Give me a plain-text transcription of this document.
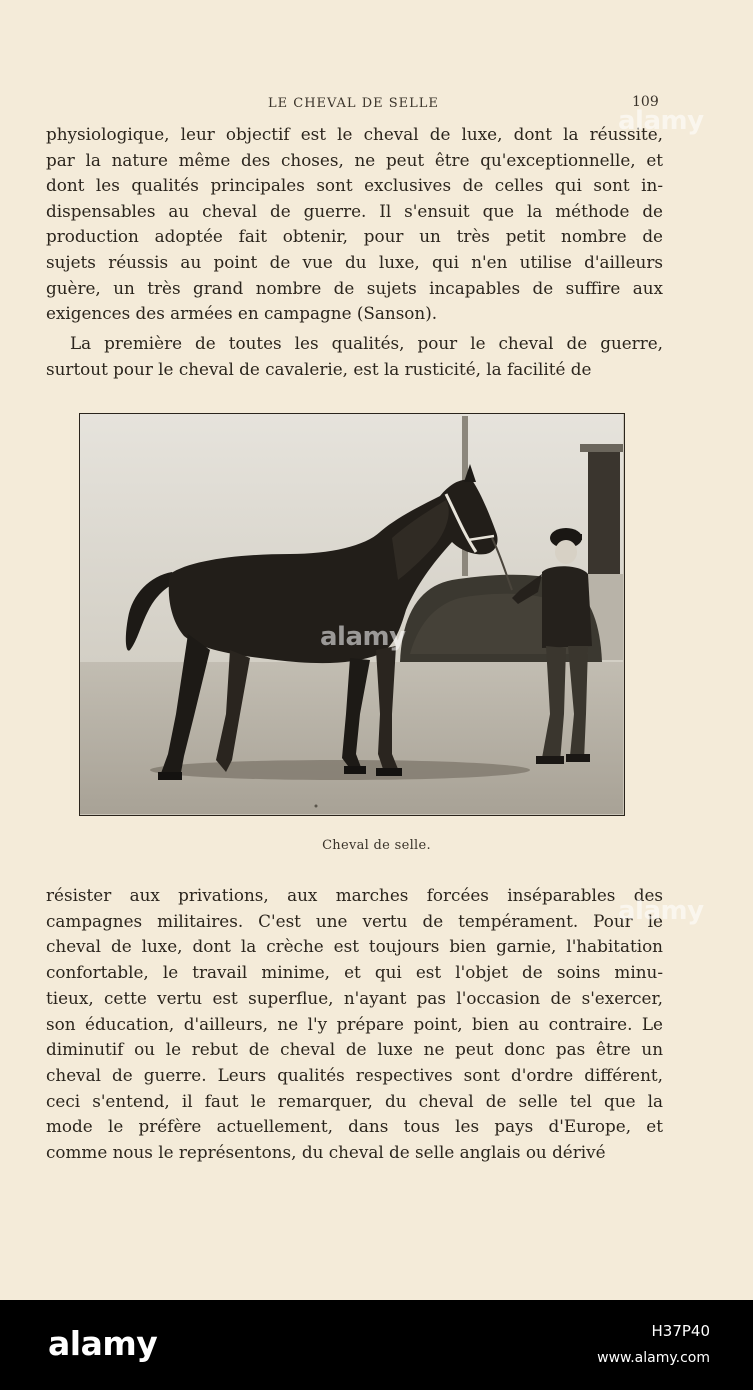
LE CHEVAL DE SELLE	109
physiologique, leur objectif est le cheval de luxe, dont la réussite,
par la nature même des choses, ne peut être qu'exceptionnelle, et
dont les qualités principales sont exclusives de celles qui sont in-
dispensables au cheval de guerre. Il s'ensuit que la méthode de
production adoptée fait obtenir, pour un très petit nombre de
sujets réussis au point de vue du luxe, qui n'en utilise d'ailleurs
guère, un très grand nombre de sujets incapables de suffire aux
exigences des armées en campagne (Sanson).
La première de toutes les qualités, pour le cheval de guerre,
surtout pour le cheval de cavalerie, est la rusticité, la facilité de
Cheval de selle.
résister aux privations, aux marches forcées inséparables des
campagnes militaires. C'est une vertu de tempérament. Pour le
cheval de luxe, dont la crèche est toujours bien garnie, l'habitation
confortable, le travail minime, et qui est l'objet de soins minu-
tieux, cette vertu est superflue, n'ayant pas l'occasion de s'exercer,
son éducation, d'ailleurs, ne l'y prépare point, bien au contraire. Le
diminutif ou le rebut de cheval de luxe ne peut donc pas être un
cheval de guerre. Leurs qualités respectives sont d'ordre différent,
ceci s'entend, il faut le remarquer, du cheval de selle tel que la
mode le préfère actuellement, dans tous les pays d'Europe, et
comme nous le représentons, du cheval de selle anglais ou dérivé
alamy
alamy
alamy
alamy	H37P40
www.alamy.com
